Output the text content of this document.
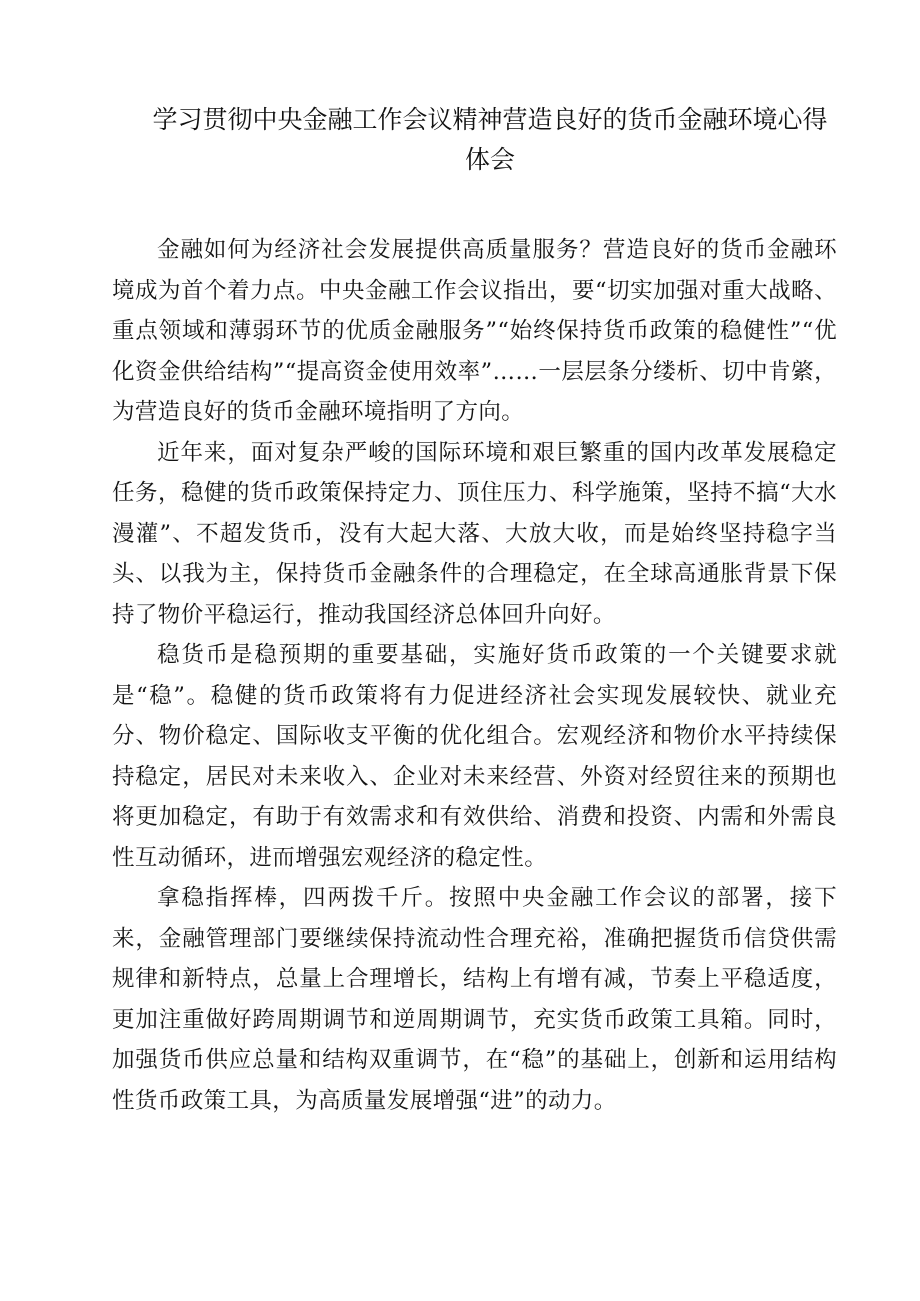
学习贯彻中央金融工作会议精神营造良好的货币金融环境心得体会

金融如何为经济社会发展提供高质量服务？营造良好的货币金融环境成为首个着力点。中央金融工作会议指出，要“切实加强对重大战略、重点领域和薄弱环节的优质金融服务”“始终保持货币政策的稳健性”“优化资金供给结构”“提高资金使用效率”……一层层条分缕析、切中肯綮，为营造良好的货币金融环境指明了方向。

近年来，面对复杂严峻的国际环境和艰巨繁重的国内改革发展稳定任务，稳健的货币政策保持定力、顶住压力、科学施策，坚持不搞“大水漫灌”、不超发货币，没有大起大落、大放大收，而是始终坚持稳字当头、以我为主，保持货币金融条件的合理稳定，在全球高通胀背景下保持了物价平稳运行，推动我国经济总体回升向好。

稳货币是稳预期的重要基础，实施好货币政策的一个关键要求就是“稳”。稳健的货币政策将有力促进经济社会实现发展较快、就业充分、物价稳定、国际收支平衡的优化组合。宏观经济和物价水平持续保持稳定，居民对未来收入、企业对未来经营、外资对经贸往来的预期也将更加稳定，有助于有效需求和有效供给、消费和投资、内需和外需良性互动循环，进而增强宏观经济的稳定性。

拿稳指挥棒，四两拨千斤。按照中央金融工作会议的部署，接下来，金融管理部门要继续保持流动性合理充裕，准确把握货币信贷供需规律和新特点，总量上合理增长，结构上有增有减，节奏上平稳适度，更加注重做好跨周期调节和逆周期调节，充实货币政策工具箱。同时，加强货币供应总量和结构双重调节，在“稳”的基础上，创新和运用结构性货币政策工具，为高质量发展增强“进”的动力。
